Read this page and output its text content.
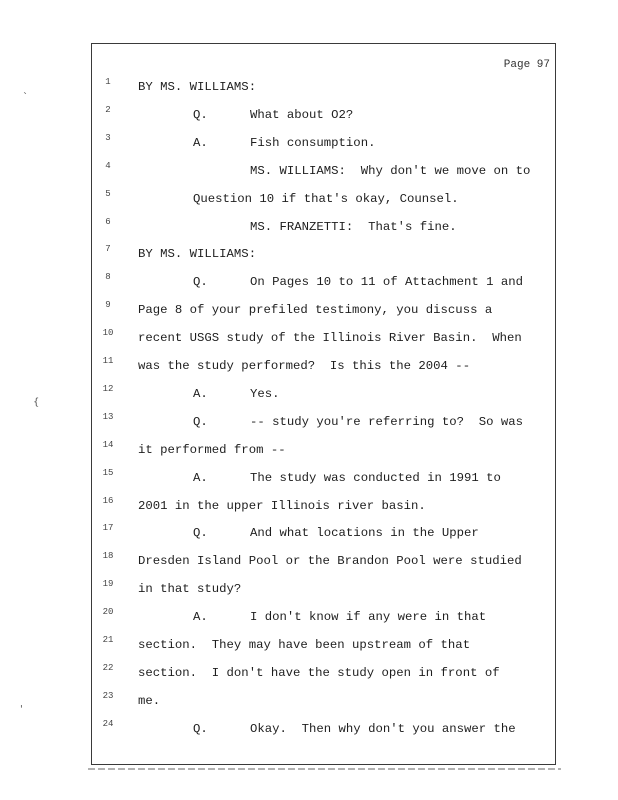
Page 97
`
{
'
1	BY MS. WILLIAMS:
2	Q.	What about O2?
3	A.	Fish consumption.
4	MS. WILLIAMS:  Why don't we move on to
5	Question 10 if that's okay, Counsel.
6	MS. FRANZETTI:  That's fine.
7	BY MS. WILLIAMS:
8	Q.	On Pages 10 to 11 of Attachment 1 and
9	Page 8 of your prefiled testimony, you discuss a
10	recent USGS study of the Illinois River Basin.  When
11	was the study performed?  Is this the 2004 --
12	A.	Yes.
13	Q.	-- study you're referring to?  So was
14	it performed from --
15	A.	The study was conducted in 1991 to
16	2001 in the upper Illinois river basin.
17	Q.	And what locations in the Upper
18	Dresden Island Pool or the Brandon Pool were studied
19	in that study?
20	A.	I don't know if any were in that
21	section.  They may have been upstream of that
22	section.  I don't have the study open in front of
23	me.
24	Q.	Okay.  Then why don't you answer the
